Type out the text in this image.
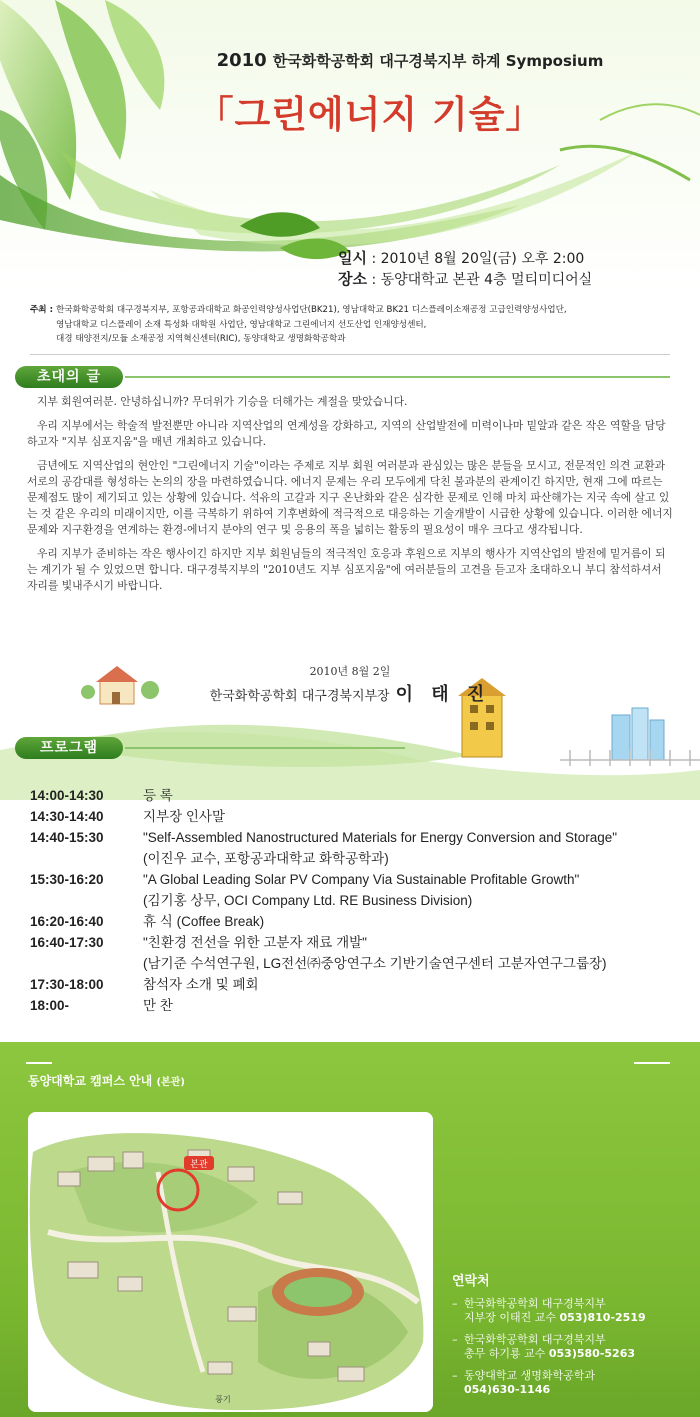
2010 한국화학공학회 대구경북지부 하계 Symposium
「그린에너지 기술」
일시 : 2010년 8월 20일(금) 오후 2:00
장소 : 동양대학교 본관 4층 멀티미디어실
주최 : 한국화학공학회 대구경북지부, 포항공과대학교 화공인력양성사업단(BK21), 영남대학교 BK21 디스플레이소재공정 고급인력양성사업단,
영남대학교 디스플레이 소재 특성화 대학원 사업단, 영남대학교 그린에너지 선도산업 인재양성센터,
대경 태양전지/모듈 소재공정 지역혁신센터(RIC), 동양대학교 생명화학공학과
초대의 글

지부 회원여러분. 안녕하십니까? 무더위가 기승을 더해가는 계절을 맞았습니다.

우리 지부에서는 학술적 발전뿐만 아니라 지역산업의 연계성을 강화하고, 지역의 산업발전에 미력이나마 밑알과 같은 작은 역할을 담당하고자 "지부 심포지움"을 매년 개최하고 있습니다.

금년에도 지역산업의 현안인 "그린에너지 기술"이라는 주제로 지부 회원 여러분과 관심있는 많은 분들을 모시고, 전문적인 의견 교환과 서로의 공감대를 형성하는 논의의 장을 마련하였습니다. 에너지 문제는 우리 모두에게 닥친 불과분의 관계이긴 하지만, 현재 그에 따르는 문제점도 많이 제기되고 있는 상황에 있습니다. 석유의 고갈과 지구 온난화와 같은 심각한 문제로 인해 마치 파산해가는 지국 속에 살고 있는 것 같은 우리의 미래이지만, 이를 극복하기 위하여 기후변화에 적극적으로 대응하는 기술개발이 시급한 상황에 있습니다. 이러한 에너지 문제와 지구환경을 연계하는 환경-에너지 분야의 연구 및 응용의 폭을 넓히는 활동의 필요성이 매우 크다고 생각됩니다.

우리 지부가 준비하는 작은 행사이긴 하지만 지부 회원님들의 적극적인 호응과 후원으로 지부의 행사가 지역산업의 발전에 밑거름이 되는 계기가 될 수 있었으면 합니다. 대구경북지부의 "2010년도 지부 심포지움"에 여러분들의 고견을 듣고자 초대하오니 부디 참석하셔서 자리를 빛내주시기 바랍니다.

2010년 8월 2일
한국화학공학회 대구경북지부장 이 태 진
프로그램
14:00-14:30	등 록
14:30-14:40	지부장 인사말
14:40-15:30	"Self-Assembled Nanostructured Materials for Energy Conversion and Storage"
(이진우 교수, 포항공과대학교 화학공학과)
15:30-16:20	"A Global Leading Solar PV Company Via Sustainable Profitable Growth"
(김기홍 상무, OCI Company Ltd. RE Business Division)
16:20-16:40	휴 식 (Coffee Break)
16:40-17:30	"친환경 전선을 위한 고분자 재료 개발"
(남기준 수석연구원, LG전선㈜중앙연구소 기반기술연구센터 고분자연구그룹장)
17:30-18:00	참석자 소개 및 폐회
18:00-	만 찬
동양대학교 캠퍼스 안내 (본관)
본관
풍기
연락처
– 한국화학공학회 대구경북지부
지부장 이태진 교수 053)810-2519
– 한국화학공학회 대구경북지부
총무 하기룡 교수 053)580-5263
– 동양대학교 생명화학공학과
054)630-1146
